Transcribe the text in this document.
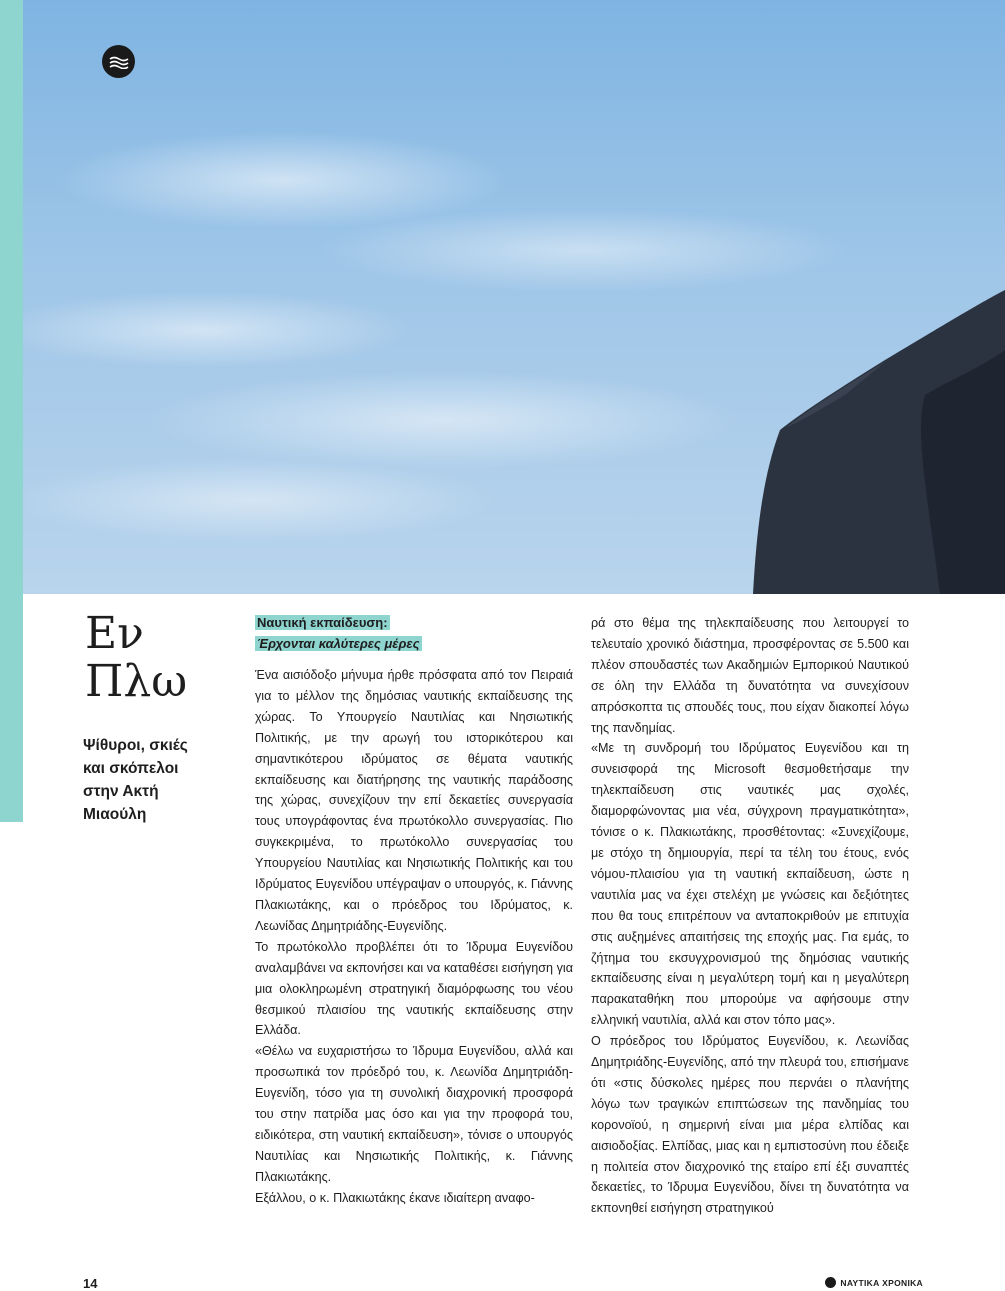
Εν
Πλω

Ψίθυροι, σκιές και σκόπελοι στην Ακτή Μιαούλη

Ναυτική εκπαίδευση:
Έρχονται καλύτερες μέρες

Ένα αισιόδοξο μήνυμα ήρθε πρόσφατα από τον Πειραιά για το μέλλον της δημόσιας ναυτικής εκπαίδευσης της χώρας. Το Υπουργείο Ναυτιλίας και Νησιωτικής Πολιτικής, με την αρωγή του ιστορικότερου και σημαντικότερου ιδρύματος σε θέματα ναυτικής εκπαίδευσης και διατήρησης της ναυτικής παράδοσης της χώρας, συνεχίζουν την επί δεκαετίες συνεργασία τους υπογράφοντας ένα πρωτόκολλο συνεργασίας. Πιο συγκεκριμένα, το πρωτόκολλο συνεργασίας του Υπουργείου Ναυτιλίας και Νησιωτικής Πολιτικής και του Ιδρύματος Ευγενίδου υπέγραψαν ο υπουργός, κ. Γιάννης Πλακιωτάκης, και ο πρόεδρος του Ιδρύματος, κ. Λεωνίδας Δημητριάδης-Ευγενίδης.

Το πρωτόκολλο προβλέπει ότι το Ίδρυμα Ευγενίδου αναλαμβάνει να εκπονήσει και να καταθέσει εισήγηση για μια ολοκληρωμένη στρατηγική διαμόρφωσης του νέου θεσμικού πλαισίου της ναυτικής εκπαίδευσης στην Ελλάδα.

«Θέλω να ευχαριστήσω το Ίδρυμα Ευγενίδου, αλλά και προσωπικά τον πρόεδρό του, κ. Λεωνίδα Δημητριάδη-Ευγενίδη, τόσο για τη συνολική διαχρονική προσφορά του στην πατρίδα μας όσο και για την προφορά του, ειδικότερα, στη ναυτική εκπαίδευση», τόνισε ο υπουργός Ναυτιλίας και Νησιωτικής Πολιτικής, κ. Γιάννης Πλακιωτάκης.

Εξάλλου, ο κ. Πλακιωτάκης έκανε ιδιαίτερη αναφο-

ρά στο θέμα της τηλεκπαίδευσης που λειτουργεί το τελευταίο χρονικό διάστημα, προσφέροντας σε 5.500 και πλέον σπουδαστές των Ακαδημιών Εμπορικού Ναυτικού σε όλη την Ελλάδα τη δυνατότητα να συνεχίσουν απρόσκοπτα τις σπουδές τους, που είχαν διακοπεί λόγω της πανδημίας.

«Με τη συνδρομή του Ιδρύματος Ευγενίδου και τη συνεισφορά της Microsoft θεσμοθετήσαμε την τηλεκπαίδευση στις ναυτικές μας σχολές, διαμορφώνοντας μια νέα, σύγχρονη πραγματικότητα», τόνισε ο κ. Πλακιωτάκης, προσθέτοντας: «Συνεχίζουμε, με στόχο τη δημιουργία, περί τα τέλη του έτους, ενός νόμου-πλαισίου για τη ναυτική εκπαίδευση, ώστε η ναυτιλία μας να έχει στελέχη με γνώσεις και δεξιότητες που θα τους επιτρέπουν να ανταποκριθούν με επιτυχία στις αυξημένες απαιτήσεις της εποχής μας. Για εμάς, το ζήτημα του εκσυγχρονισμού της δημόσιας ναυτικής εκπαίδευσης είναι η μεγαλύτερη τομή και η μεγαλύτερη παρακαταθήκη που μπορούμε να αφήσουμε στην ελληνική ναυτιλία, αλλά και στον τόπο μας».

Ο πρόεδρος του Ιδρύματος Ευγενίδου, κ. Λεωνίδας Δημητριάδης-Ευγενίδης, από την πλευρά του, επισήμανε ότι «στις δύσκολες ημέρες που περνάει ο πλανήτης λόγω των τραγικών επιπτώσεων της πανδημίας του κορονοϊού, η σημερινή είναι μια μέρα ελπίδας και αισιοδοξίας. Ελπίδας, μιας και η εμπιστοσύνη που έδειξε η πολιτεία στον διαχρονικό της εταίρο επί έξι συναπτές δεκαετίες, το Ίδρυμα Ευγενίδου, δίνει τη δυνατότητα να εκπονηθεί εισήγηση στρατηγικού

14	ΝΑΥΤΙΚΑ ΧΡΟΝΙΚΑ
